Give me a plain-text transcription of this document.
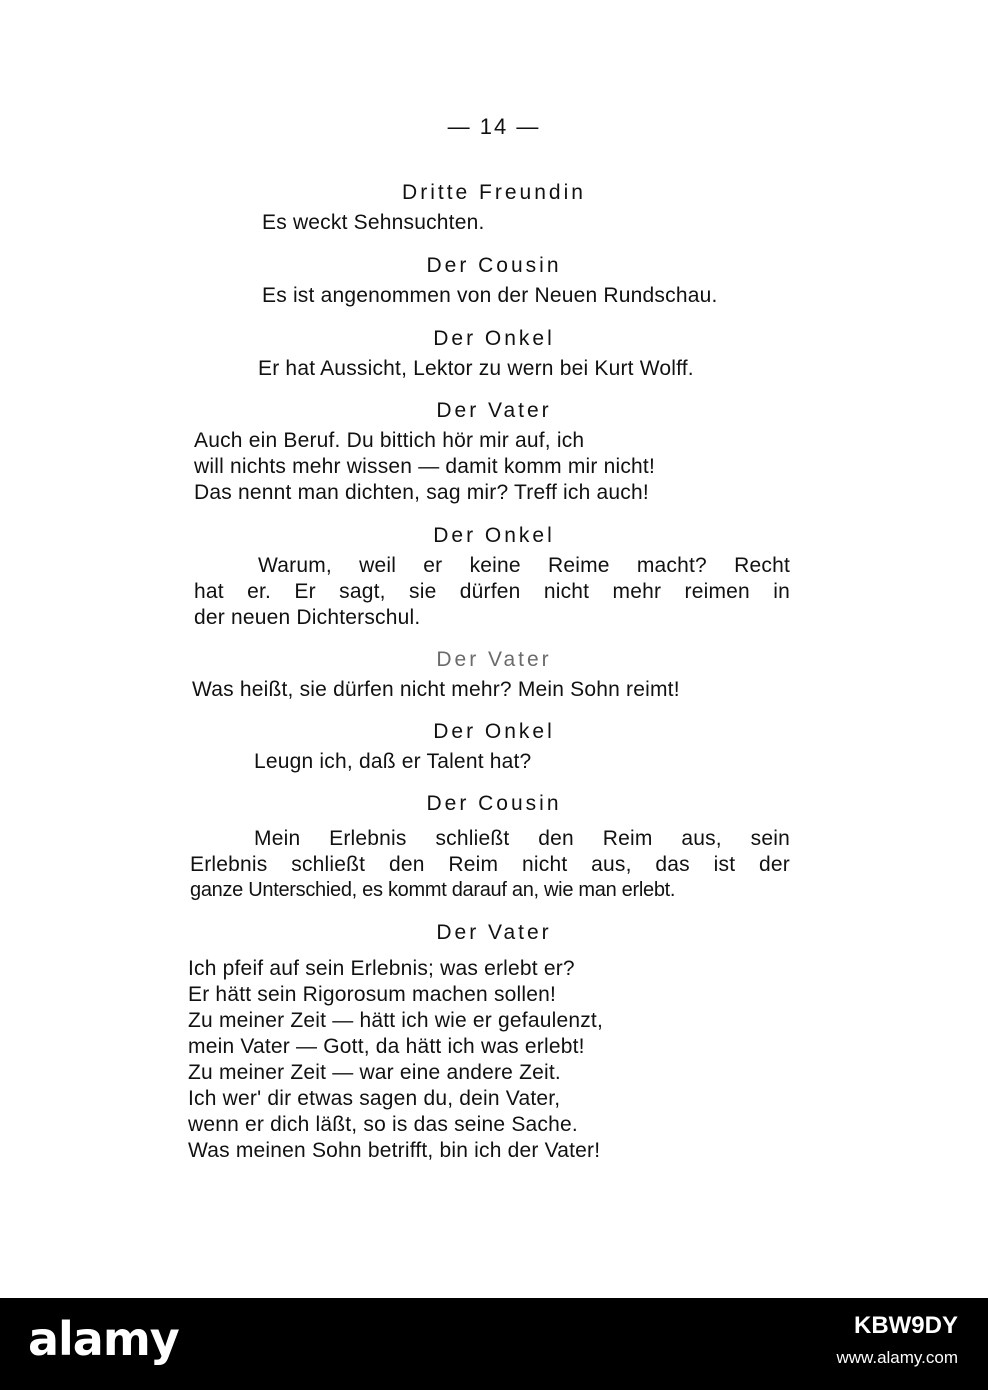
— 14 —
Dritte Freundin
Es weckt Sehnsuchten.
Der Cousin
Es ist angenommen von der Neuen Rundschau.
Der Onkel
Er hat Aussicht, Lektor zu wern bei Kurt Wolff.
Der Vater
Auch ein Beruf. Du bittich hör mir auf, ich
will nichts mehr wissen — damit komm mir nicht!
Das nennt man dichten, sag mir? Treff ich auch!
Der Onkel
Warum, weil er keine Reime macht? Recht
hat er. Er sagt, sie dürfen nicht mehr reimen in
der neuen Dichterschul.
Der Vater
Was heißt, sie dürfen nicht mehr? Mein Sohn reimt!
Der Onkel
Leugn ich, daß er Talent hat?
Der Cousin
Mein Erlebnis schließt den Reim aus, sein
Erlebnis schließt den Reim nicht aus, das ist der
ganze Unterschied, es kommt darauf an, wie man erlebt.
Der Vater
Ich pfeif auf sein Erlebnis; was erlebt er?
Er hätt sein Rigorosum machen sollen!
Zu meiner Zeit — hätt ich wie er gefaulenzt,
mein Vater — Gott, da hätt ich was erlebt!
Zu meiner Zeit — war eine andere Zeit.
Ich wer' dir etwas sagen du, dein Vater,
wenn er dich läßt, so is das seine Sache.
Was meinen Sohn betrifft, bin ich der Vater!
alamy	KBW9DY
www.alamy.com
